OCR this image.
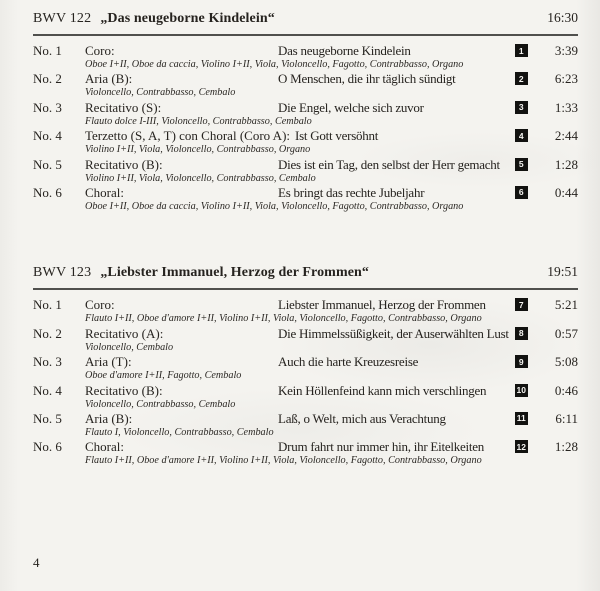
BWV 122 „Das neugeborne Kindelein“	16:30
No. 1	Coro:	Das neugeborne Kindelein	1	3:39
Oboe I+II, Oboe da caccia, Violino I+II, Viola, Violoncello, Fagotto, Contrabbasso, Organo
No. 2	Aria (B):	O Menschen, die ihr täglich sündigt	2	6:23
Violoncello, Contrabbasso, Cembalo
No. 3	Recitativo (S):	Die Engel, welche sich zuvor	3	1:33
Flauto dolce I-III, Violoncello, Contrabbasso, Cembalo
No. 4	Terzetto (S, A, T) con Choral (Coro A): Ist Gott versöhnt	4	2:44
Violino I+II, Viola, Violoncello, Contrabbasso, Organo
No. 5	Recitativo (B):	Dies ist ein Tag, den selbst der Herr gemacht	5	1:28
Violino I+II, Viola, Violoncello, Contrabbasso, Cembalo
No. 6	Choral:	Es bringt das rechte Jubeljahr	6	0:44
Oboe I+II, Oboe da caccia, Violino I+II, Viola, Violoncello, Fagotto, Contrabbasso, Organo
BWV 123 „Liebster Immanuel, Herzog der Frommen“	19:51
No. 1	Coro:	Liebster Immanuel, Herzog der Frommen	7	5:21
Flauto I+II, Oboe d'amore I+II, Violino I+II, Viola, Violoncello, Fagotto, Contrabbasso, Organo
No. 2	Recitativo (A):	Die Himmelssüßigkeit, der Auserwählten Lust	8	0:57
Violoncello, Cembalo
No. 3	Aria (T):	Auch die harte Kreuzesreise	9	5:08
Oboe d'amore I+II, Fagotto, Cembalo
No. 4	Recitativo (B):	Kein Höllenfeind kann mich verschlingen	10	0:46
Violoncello, Contrabbasso, Cembalo
No. 5	Aria (B):	Laß, o Welt, mich aus Verachtung	11	6:11
Flauto I, Violoncello, Contrabbasso, Cembalo
No. 6	Choral:	Drum fahrt nur immer hin, ihr Eitelkeiten	12	1:28
Flauto I+II, Oboe d'amore I+II, Violino I+II, Viola, Violoncello, Fagotto, Contrabbasso, Organo
4
